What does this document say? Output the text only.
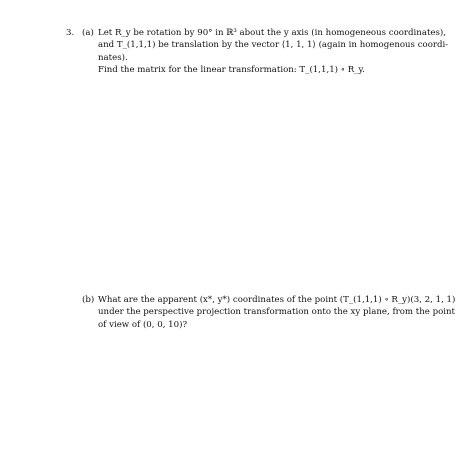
3. (a) Let R_y be rotation by 90° in ℝ³ about the y axis (in homogeneous coordinates),
and T_(1,1,1) be translation by the vector ⟨1, 1, 1⟩ (again in homogenous coordi-
nates).
Find the matrix for the linear transformation: T_(1,1,1) ∘ R_y.
(b) What are the apparent (x*, y*) coordinates of the point (T_(1,1,1) ∘ R_y)(3, 2, 1, 1)
under the perspective projection transformation onto the xy plane, from the point
of view of (0, 0, 10)?
